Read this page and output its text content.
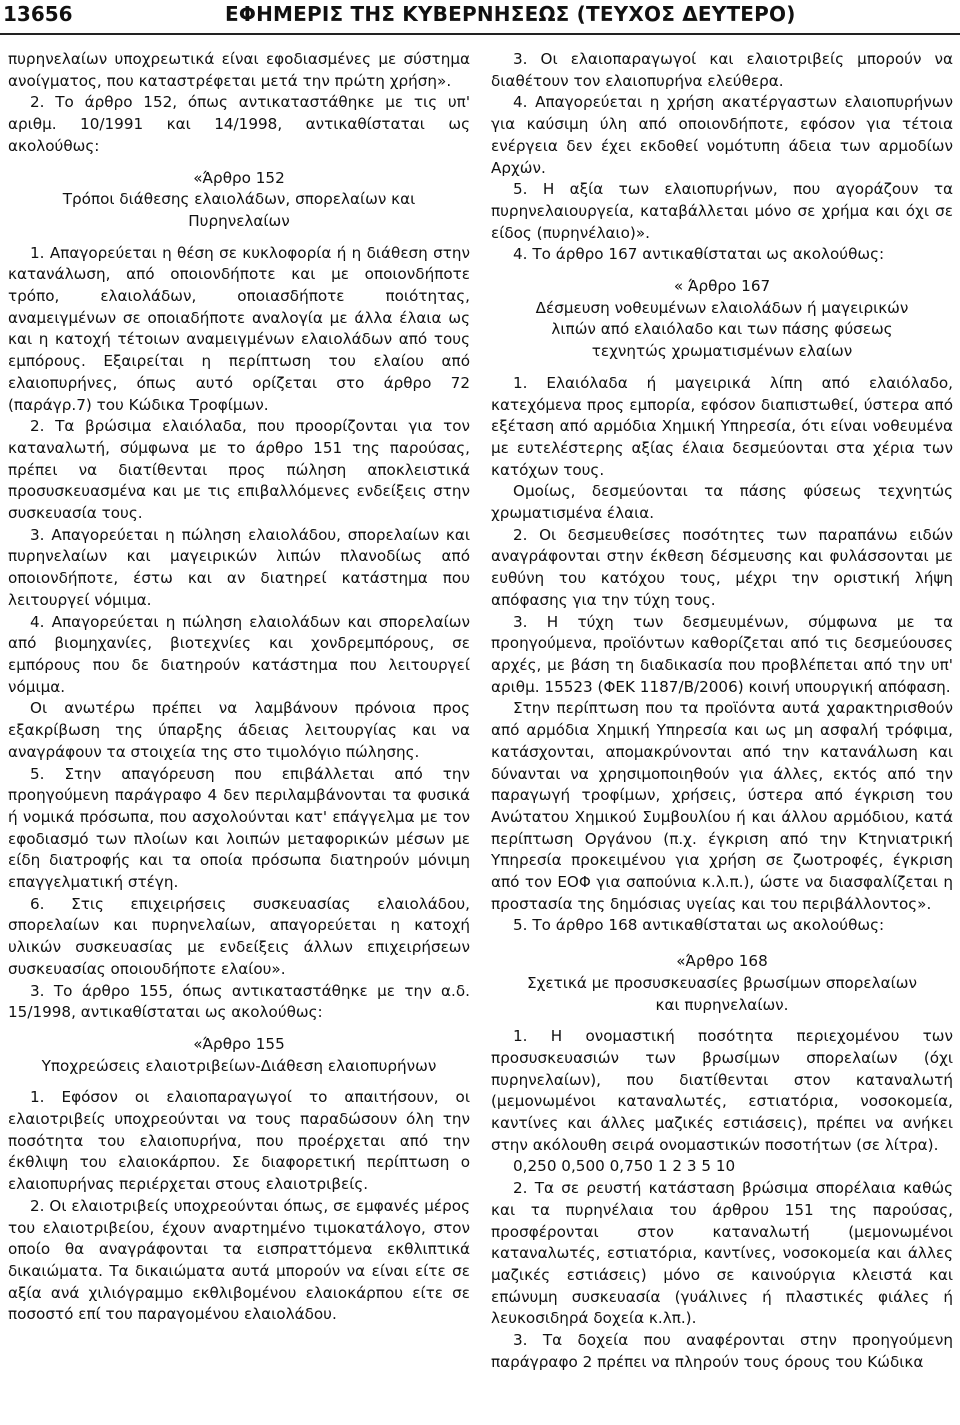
13656	ΕΦΗΜΕΡΙΣ ΤΗΣ ΚΥΒΕΡΝΗΣΕΩΣ (ΤΕΥΧΟΣ ΔΕΥΤΕΡΟ)

πυρηνελαίων υποχρεωτικά είναι εφοδιασμένες με σύστημα ανοίγματος, που καταστρέφεται μετά την πρώτη χρήση».

2. Το άρθρο 152, όπως αντικαταστάθηκε με τις υπ' αριθμ. 10/1991 και 14/1998, αντικαθίσταται ως ακολούθως:

«Άρθρο 152

Τρόποι διάθεσης ελαιολάδων, σπορελαίων και Πυρηνελαίων

1. Απαγορεύεται η θέση σε κυκλοφορία ή η διάθεση στην κατανάλωση, από οποιονδήποτε και με οποιονδήποτε τρόπο, ελαιολάδων, οποιασδήποτε ποιότητας, αναμειγμένων σε οποιαδήποτε αναλογία με άλλα έλαια ως και η κατοχή τέτοιων αναμειγμένων ελαιολάδων από τους εμπόρους. Εξαιρείται η περίπτωση του ελαίου από ελαιοπυρήνες, όπως αυτό ορίζεται στο άρθρο 72 (παράγρ.7) του Κώδικα Τροφίμων.

2. Τα βρώσιμα ελαιόλαδα, που προορίζονται για τον καταναλωτή, σύμφωνα με το άρθρο 151 της παρούσας, πρέπει να διατίθενται προς πώληση αποκλειστικά προσυσκευασμένα και με τις επιβαλλόμενες ενδείξεις στην συσκευασία τους.

3. Απαγορεύεται η πώληση ελαιολάδου, σπορελαίων και πυρηνελαίων και μαγειρικών λιπών πλανοδίως από οποιονδήποτε, έστω και αν διατηρεί κατάστημα που λειτουργεί νόμιμα.

4. Απαγορεύεται η πώληση ελαιολάδων και σπορελαίων από βιομηχανίες, βιοτεχνίες και χονδρεμπόρους, σε εμπόρους που δε διατηρούν κατάστημα που λειτουργεί νόμιμα.

Οι ανωτέρω πρέπει να λαμβάνουν πρόνοια προς εξακρίβωση της ύπαρξης άδειας λειτουργίας και να αναγράφουν τα στοιχεία της στο τιμολόγιο πώλησης.

5. Στην απαγόρευση που επιβάλλεται από την προηγούμενη παράγραφο 4 δεν περιλαμβάνονται τα φυσικά ή νομικά πρόσωπα, που ασχολούνται κατ' επάγγελμα με τον εφοδιασμό των πλοίων και λοιπών μεταφορικών μέσων με είδη διατροφής και τα οποία πρόσωπα διατηρούν μόνιμη επαγγελματική στέγη.

6. Στις επιχειρήσεις συσκευασίας ελαιολάδου, σπορελαίων και πυρηνελαίων, απαγορεύεται η κατοχή υλικών συσκευασίας με ενδείξεις άλλων επιχειρήσεων συσκευασίας οποιουδήποτε ελαίου».

3. Το άρθρο 155, όπως αντικαταστάθηκε με την α.δ. 15/1998, αντικαθίσταται ως ακολούθως:

«Άρθρο 155

Υποχρεώσεις ελαιοτριβείων-Διάθεση ελαιοπυρήνων

1. Εφόσον οι ελαιοπαραγωγοί το απαιτήσουν, οι ελαιοτριβείς υποχρεούνται να τους παραδώσουν όλη την ποσότητα του ελαιοπυρήνα, που προέρχεται από την έκθλιψη του ελαιοκάρπου. Σε διαφορετική περίπτωση ο ελαιοπυρήνας περιέρχεται στους ελαιοτριβείς.

2. Οι ελαιοτριβείς υποχρεούνται όπως, σε εμφανές μέρος του ελαιοτριβείου, έχουν αναρτημένο τιμοκατάλογο, στον οποίο θα αναγράφονται τα εισπραττόμενα εκθλιπτικά δικαιώματα. Τα δικαιώματα αυτά μπορούν να είναι είτε σε αξία ανά χιλιόγραμμο εκθλιβομένου ελαιοκάρπου είτε σε ποσοστό επί του παραγομένου ελαιολάδου.

3. Οι ελαιοπαραγωγοί και ελαιοτριβείς μπορούν να διαθέτουν τον ελαιοπυρήνα ελεύθερα.

4. Απαγορεύεται η χρήση ακατέργαστων ελαιοπυρήνων για καύσιμη ύλη από οποιονδήποτε, εφόσον για τέτοια ενέργεια δεν έχει εκδοθεί νομότυπη άδεια των αρμοδίων Αρχών.

5. Η αξία των ελαιοπυρήνων, που αγοράζουν τα πυρηνελαιουργεία, καταβάλλεται μόνο σε χρήμα και όχι σε είδος (πυρηνέλαιο)».

4. Το άρθρο 167 αντικαθίσταται ως ακολούθως:

« Άρθρο 167

Δέσμευση νοθευμένων ελαιολάδων ή μαγειρικών

λιπών από ελαιόλαδο και των πάσης φύσεως

τεχνητώς χρωματισμένων ελαίων

1. Ελαιόλαδα ή μαγειρικά λίπη από ελαιόλαδο, κατεχόμενα προς εμπορία, εφόσον διαπιστωθεί, ύστερα από εξέταση από αρμόδια Χημική Υπηρεσία, ότι είναι νοθευμένα με ευτελέστερης αξίας έλαια δεσμεύονται στα χέρια των κατόχων τους.

Ομοίως, δεσμεύονται τα πάσης φύσεως τεχνητώς χρωματισμένα έλαια.

2. Οι δεσμευθείσες ποσότητες των παραπάνω ειδών αναγράφονται στην έκθεση δέσμευσης και φυλάσσονται με ευθύνη του κατόχου τους, μέχρι την οριστική λήψη απόφασης για την τύχη τους.

3. Η τύχη των δεσμευμένων, σύμφωνα με τα προηγούμενα, προϊόντων καθορίζεται από τις δεσμεύουσες αρχές, με βάση τη διαδικασία που προβλέπεται από την υπ' αριθμ. 15523 (ΦΕΚ 1187/Β/2006) κοινή υπουργική απόφαση.

Στην περίπτωση που τα προϊόντα αυτά χαρακτηρισθούν από αρμόδια Χημική Υπηρεσία και ως μη ασφαλή τρόφιμα, κατάσχονται, απομακρύνονται από την κατανάλωση και δύνανται να χρησιμοποιηθούν για άλλες, εκτός από την παραγωγή τροφίμων, χρήσεις, ύστερα από έγκριση του Ανώτατου Χημικού Συμβουλίου ή και άλλου αρμόδιου, κατά περίπτωση Οργάνου (π.χ. έγκριση από την Κτηνιατρική Υπηρεσία προκειμένου για χρήση σε ζωοτροφές, έγκριση από τον ΕΟΦ για σαπούνια κ.λ.π.), ώστε να διασφαλίζεται η προστασία της δημόσιας υγείας και του περιβάλλοντος».

5. Το άρθρο 168 αντικαθίσταται ως ακολούθως:

«Άρθρο 168

Σχετικά με προσυσκευασίες βρωσίμων σπορελαίων

και πυρηνελαίων.

1. Η ονομαστική ποσότητα περιεχομένου των προσυσκευασιών των βρωσίμων σπορελαίων (όχι πυρηνελαίων), που διατίθενται στον καταναλωτή (μεμονωμένοι καταναλωτές, εστιατόρια, νοσοκομεία, καντίνες και άλλες μαζικές εστιάσεις), πρέπει να ανήκει στην ακόλουθη σειρά ονομαστικών ποσοτήτων (σε λίτρα).

0,250 0,500 0,750 1 2 3 5 10

2. Τα σε ρευστή κατάσταση βρώσιμα σπορέλαια καθώς και τα πυρηνέλαια του άρθρου 151 της παρούσας, προσφέρονται στον καταναλωτή (μεμονωμένοι καταναλωτές, εστιατόρια, καντίνες, νοσοκομεία και άλλες μαζικές εστιάσεις) μόνο σε καινούργια κλειστά και επώνυμη συσκευασία (γυάλινες ή πλαστικές φιάλες ή λευκοσιδηρά δοχεία κ.λπ.).

3. Τα δοχεία που αναφέρονται στην προηγούμενη παράγραφο 2 πρέπει να πληρούν τους όρους του Κώδικα
